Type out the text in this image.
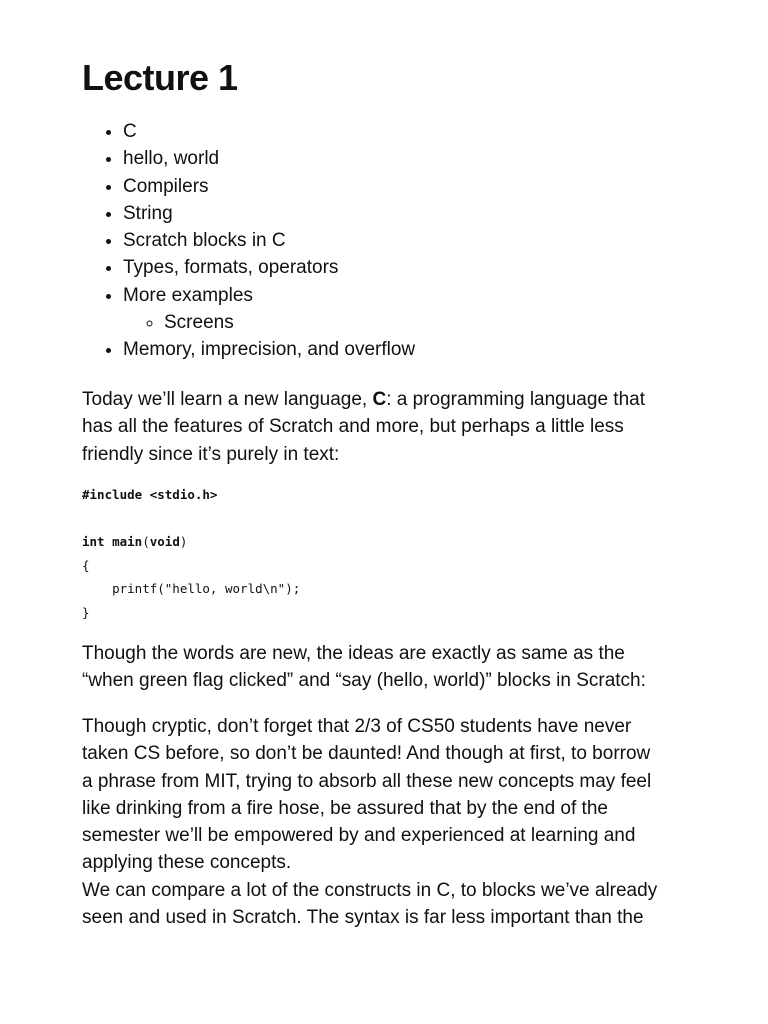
Lecture 1
• C
• hello, world
• Compilers
• String
• Scratch blocks in C
• Types, formats, operators
• More examples
◦ Screens
• Memory, imprecision, and overflow

Today we’ll learn a new language, C: a programming language that
has all the features of Scratch and more, but perhaps a little less
friendly since it’s purely in text:

#include <stdio.h>
int main(void)
{
printf("hello, world\n");
}

Though the words are new, the ideas are exactly as same as the
“when green flag clicked” and “say (hello, world)” blocks in Scratch:

Though cryptic, don’t forget that 2/3 of CS50 students have never
taken CS before, so don’t be daunted! And though at first, to borrow
a phrase from MIT, trying to absorb all these new concepts may feel
like drinking from a fire hose, be assured that by the end of the
semester we’ll be empowered by and experienced at learning and
applying these concepts.
We can compare a lot of the constructs in C, to blocks we’ve already
seen and used in Scratch. The syntax is far less important than the
